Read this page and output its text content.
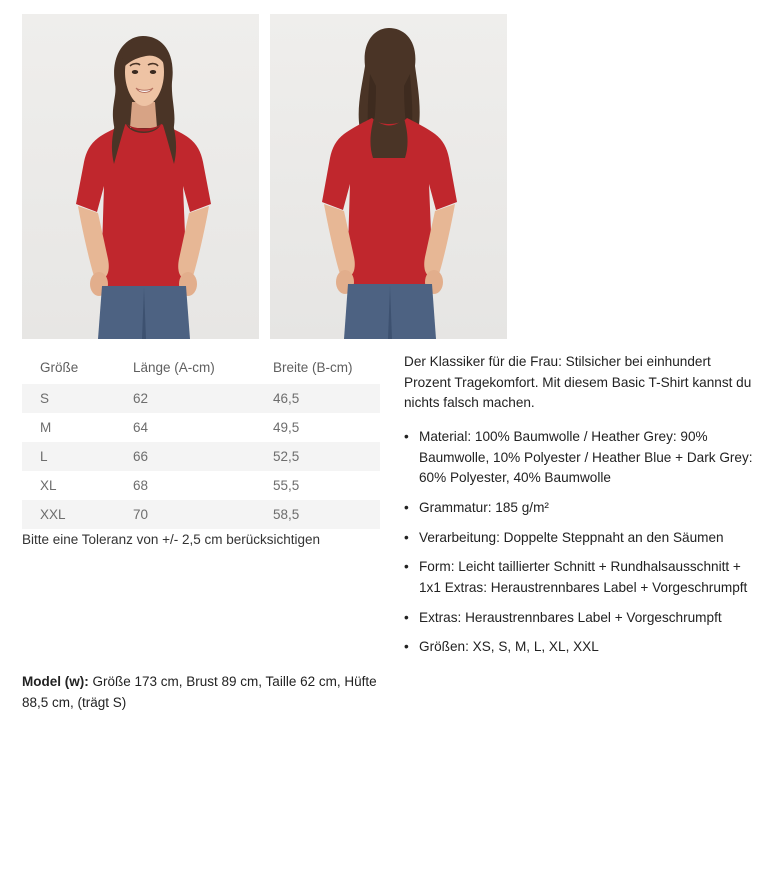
Größe	Länge (A-cm)	Breite (B-cm)
S	62	46,5
M	64	49,5
L	66	52,5
XL	68	55,5
XXL	70	58,5
Bitte eine Toleranz von +/- 2,5 cm berücksichtigen
Model (w): Größe 173 cm, Brust 89 cm, Taille 62 cm, Hüfte 88,5 cm, (trägt S)

Der Klassiker für die Frau: Stilsicher bei einhundert Prozent Tragekomfort. Mit diesem Basic T-Shirt kannst du nichts falsch machen.

• Material: 100% Baumwolle / Heather Grey: 90% Baumwolle, 10% Polyester / Heather Blue + Dark Grey: 60% Polyester, 40% Baumwolle
• Grammatur: 185 g/m²
• Verarbeitung: Doppelte Steppnaht an den Säumen
• Form: Leicht taillierter Schnitt + Rundhalsausschnitt + 1x1 Extras: Heraustrennbares Label + Vorgeschrumpft
• Extras: Heraustrennbares Label + Vorgeschrumpft
• Größen: XS, S, M, L, XL, XXL
